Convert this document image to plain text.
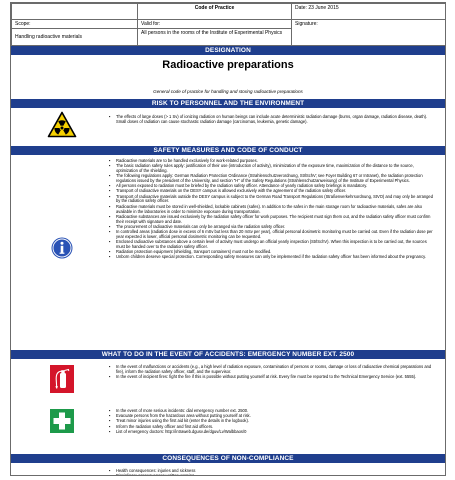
	Code of Practice	Date: 23 June 2015
Scope:	Valid for:	Signature:
Handling radioactive materials	All persons in the rooms of the Institute of Experimental Physics	
DESIGNATION
Radioactive preparations
General code of practice for handling and storing radioactive preparations
RISK TO PERSONNEL AND THE ENVIRONMENT
▪ The effects of large doses (> 1 Sv) of ionizing radiation on human beings can include acute deterministic radiation damage (burns, organ damage, radiation disease, death). Small doses of radiation can cause stochastic radiation damage (carcinomas, leukemia, genetic damage).
SAFETY MEASURES AND CODE OF CONDUCT
▪ Radioactive materials are to be handled exclusively for work-related purposes.
▪ The basic radiation safety rules apply: justification of their use (introduction of activity), minimization of the exposure time, maximization of the distance to the source, optimization of the shielding.
▪ The following regulations apply: German Radiation Protection Ordinance (Strahlenschutzverordnung, StrlSchV; see Foyer Building 67 or Intranet), the radiation protection regulations issued by the president of the University, and section "H" of the Safety Regulations (Strahlenschutzanweisung) of the Institute of Experimental Physics.
▪ All persons exposed to radiation must be briefed by the radiation safety officer. Attendance of yearly radiation safety briefings is mandatory.
▪ Transport of radioactive materials on the DESY campus is allowed exclusively with the agreement of the radiation safety officer.
▪ Transport of radioactive materials outside the DESY campus is subject to the German Road Transport Regulations (Straßenverkehrsordnung, StVO) and may only be arranged by the radiation safety officer.
▪ Radioactive materials must be stored in well-shielded, lockable cabinets (safes). In addition to the safes in the main storage room for radioactive materials, safes are also available in the laboratories in order to minimize exposure during transportation.
▪ Radioactive substances are issued exclusively by the radiation safety officer for work purposes. The recipient must sign them out, and the radiation safety officer must confirm their receipt with signature and date.
▪ The procurement of radioactive materials can only be arranged via the radiation safety officer.
▪ In controlled areas (radiation dose in excess of 6 mSv but less than 20 mSv per year), official personal dosimetric monitoring must be carried out. Even if the radiation dose per year expected is lower, official personal dosimetric monitoring can be requested.
▪ Enclosed radioactive substances above a certain level of activity must undergo an official yearly inspection (StrlSchV). When this inspection is to be carried out, the sources must be handed over to the radiation safety officer.
▪ Radiation protection equipment (shielding, transport containers) must not be modified.
▪ Unborn children deserve special protection. Corresponding safety measures can only be implemented if the radiation safety officer has been informed about the pregnancy.
WHAT TO DO IN THE EVENT OF ACCIDENTS: EMERGENCY NUMBER EXT. 2500
▪ In the event of malfunctions or accidents (e.g., a high level of radiation exposure, contamination of persons or rooms, damage or loss of radioactive chemical preparations and fire), inform the radiation safety officer, staff, and the supervisor.
▪ In the event of incipient fires: fight the fire if this is possible without putting yourself at risk. Every fire must be reported to the Technical Emergency Service (ext. 5555).
▪ In the event of more serious incidents: dial emergency number ext. 2500.
▪ Evacuate persons from the hazardous area without putting yourself at risk.
▪ Treat minor injuries using the first aid kit (enter the details in the logbook).
▪ Inform the radiation safety officer and first aid officers.
▪ List of emergency doctors: http://intraweb.dgusv.de/dguv/Lv/Walbbaos/0
CONSEQUENCES OF NON-COMPLIANCE
▪ Health consequences: injuries and sickness
▪ Disciplinary consequences: written warning
